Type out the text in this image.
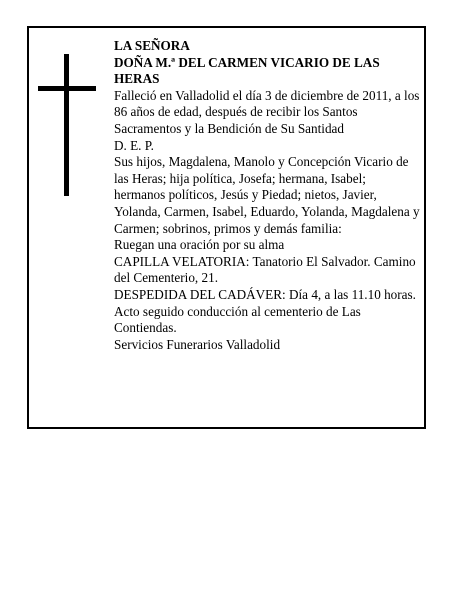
LA SEÑORA

DOÑA M.ª DEL CARMEN VICARIO DE LAS HERAS

Falleció en Valladolid el día 3 de diciembre de 2011, a los 86 años de edad, después de recibir los Santos Sacramentos y la Bendición de Su Santidad

D. E. P.

Sus hijos, Magdalena, Manolo y Concepción Vicario de las Heras; hija política, Josefa; hermana, Isabel; hermanos políticos, Jesús y Piedad; nietos, Javier, Yolanda, Carmen, Isabel, Eduardo, Yolanda, Magdalena y Carmen; sobrinos, primos y demás familia:

Ruegan una oración por su alma

CAPILLA VELATORIA: Tanatorio El Salvador. Camino del Cementerio, 21.

DESPEDIDA DEL CADÁVER: Día 4, a las 11.10 horas. Acto seguido conducción al cementerio de Las Contiendas.

Servicios Funerarios Valladolid
